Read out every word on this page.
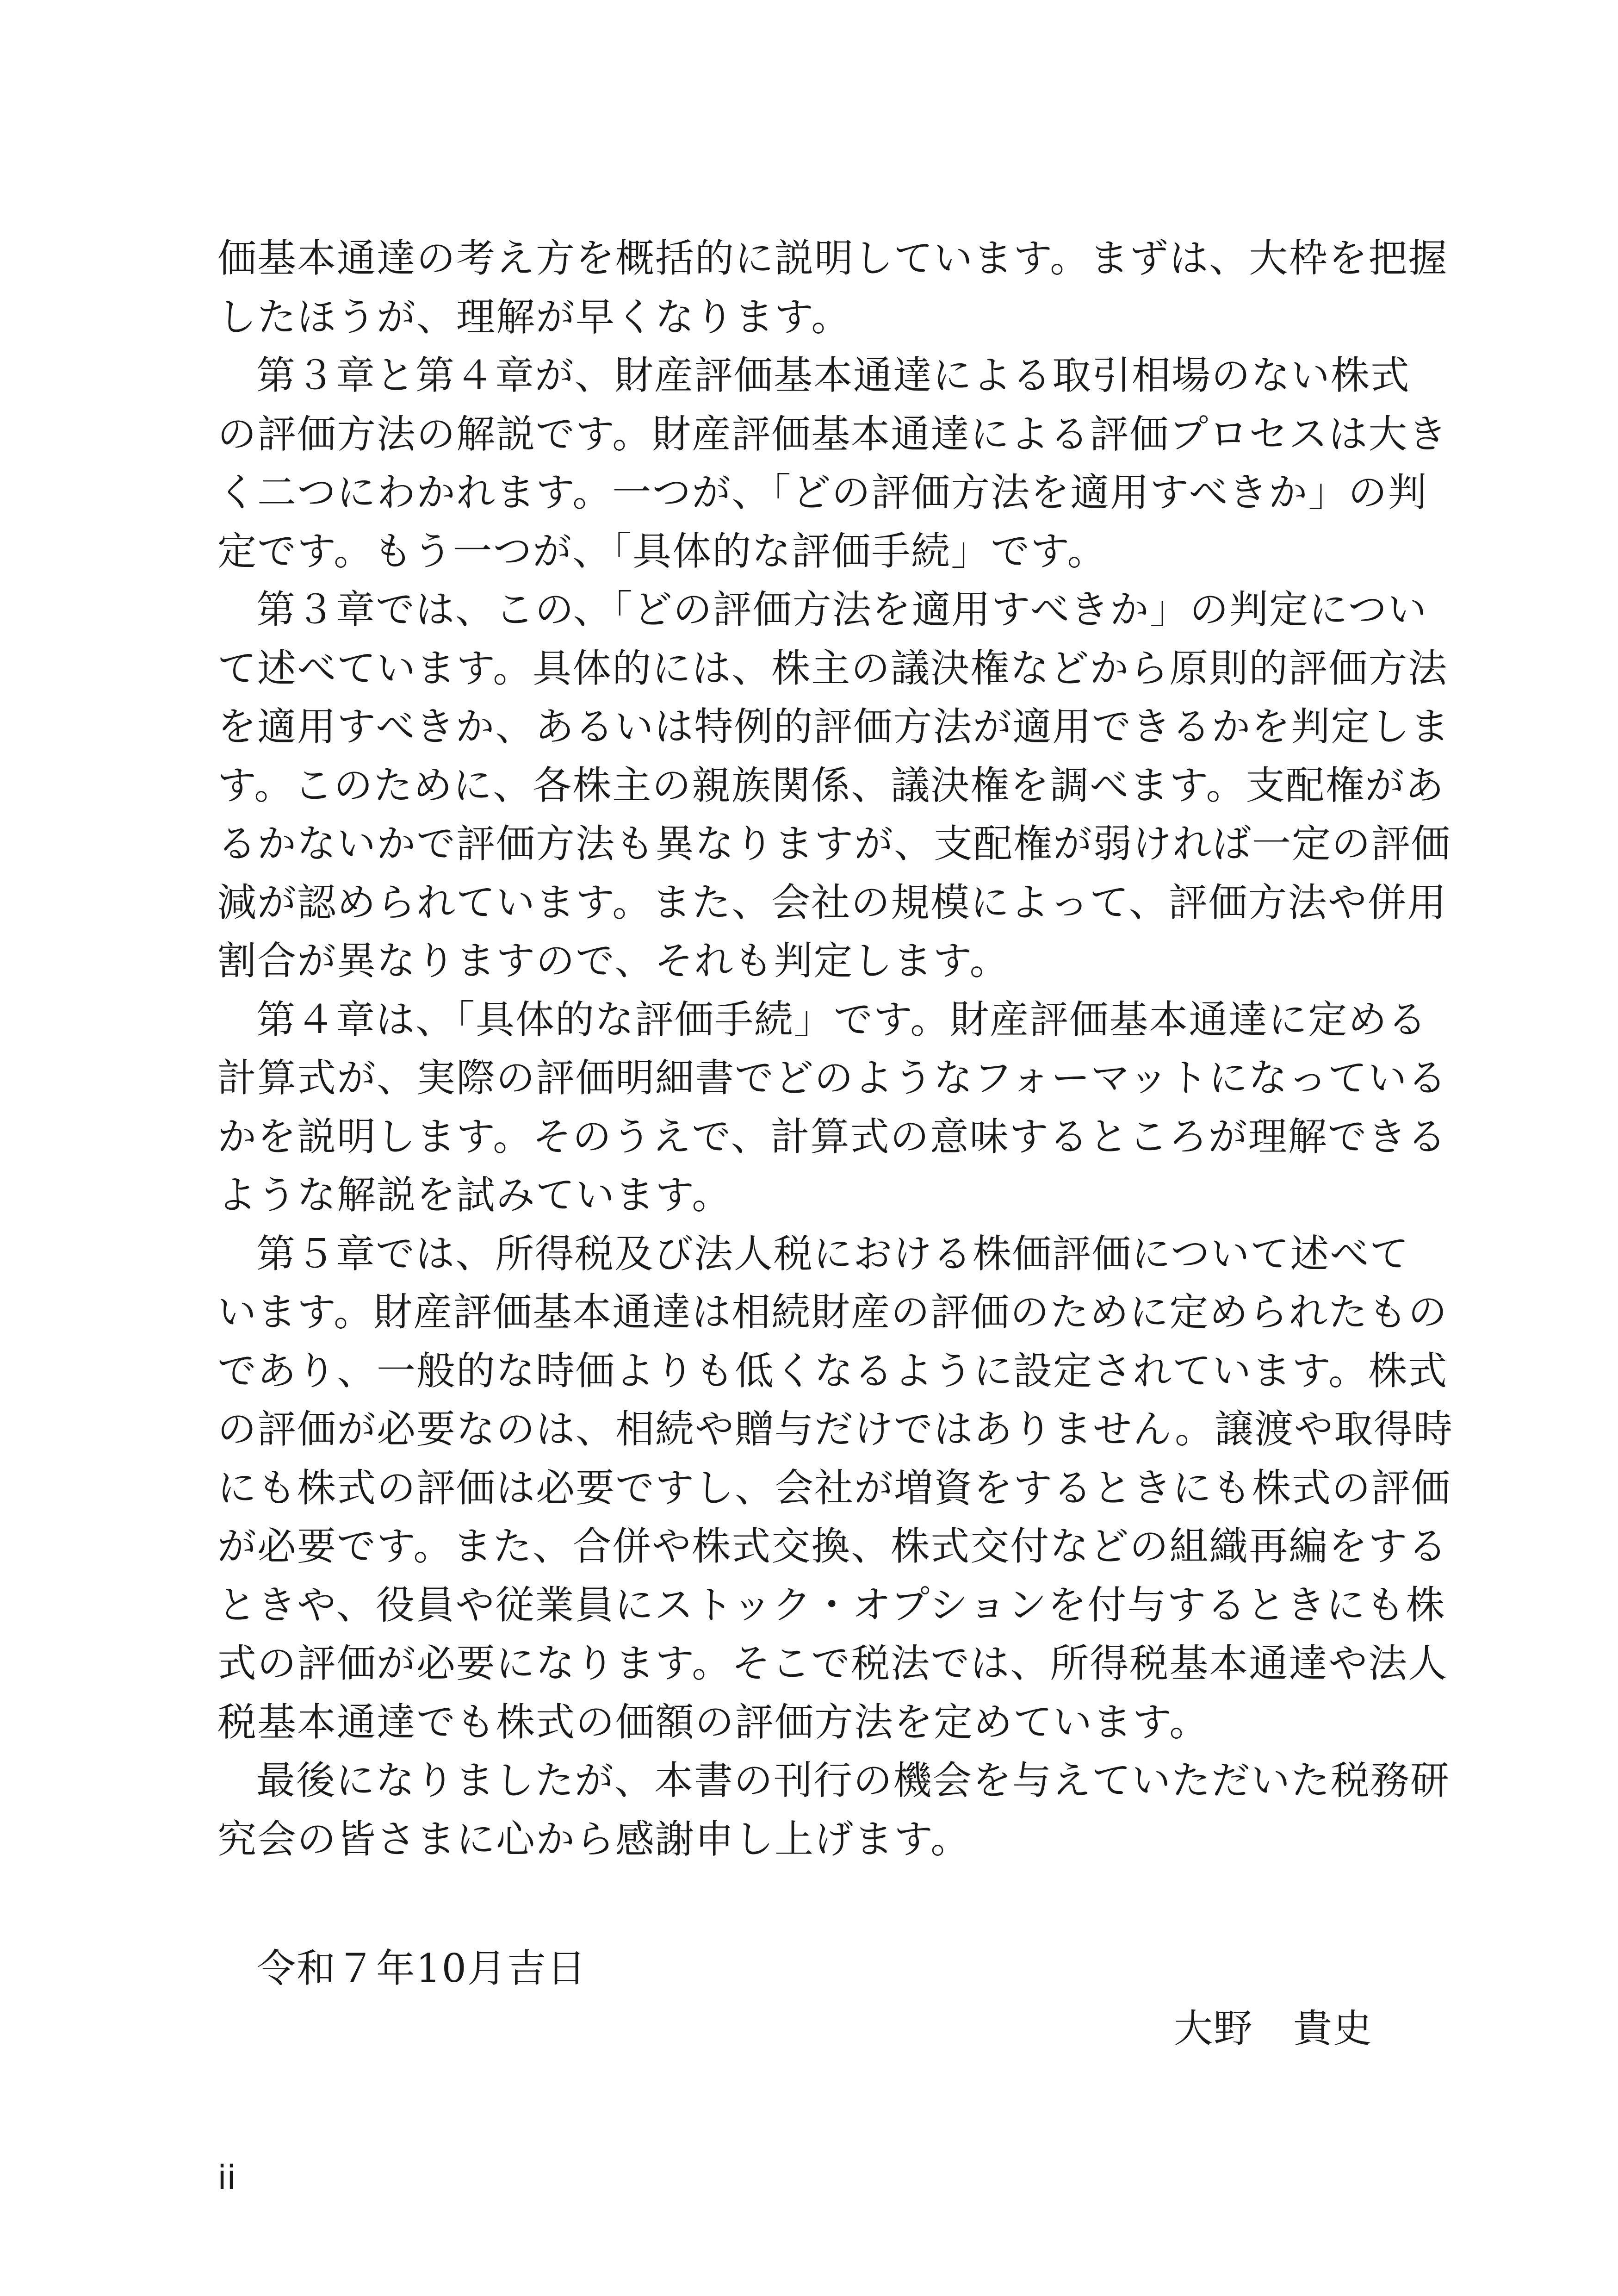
価基本通達の考え方を概括的に説明しています。まずは、大枠を把握
したほうが、理解が早くなります。
第３章と第４章が、財産評価基本通達による取引相場のない株式
の評価方法の解説です。財産評価基本通達による評価プロセスは大き
く二つにわかれます。一つが、「どの評価方法を適用すべきか」の判
定です。もう一つが、「具体的な評価手続」です。
第３章では、この、「どの評価方法を適用すべきか」の判定につい
て述べています。具体的には、株主の議決権などから原則的評価方法
を適用すべきか、あるいは特例的評価方法が適用できるかを判定しま
す。このために、各株主の親族関係、議決権を調べます。支配権があ
るかないかで評価方法も異なりますが、支配権が弱ければ一定の評価
減が認められています。また、会社の規模によって、評価方法や併用
割合が異なりますので、それも判定します。
第４章は、「具体的な評価手続」です。財産評価基本通達に定める
計算式が、実際の評価明細書でどのようなフォーマットになっている
かを説明します。そのうえで、計算式の意味するところが理解できる
ような解説を試みています。
第５章では、所得税及び法人税における株価評価について述べて
います。財産評価基本通達は相続財産の評価のために定められたもの
であり、一般的な時価よりも低くなるように設定されています。株式
の評価が必要なのは、相続や贈与だけではありません。譲渡や取得時
にも株式の評価は必要ですし、会社が増資をするときにも株式の評価
が必要です。また、合併や株式交換、株式交付などの組織再編をする
ときや、役員や従業員にストック・オプションを付与するときにも株
式の評価が必要になります。そこで税法では、所得税基本通達や法人
税基本通達でも株式の価額の評価方法を定めています。
最後になりましたが、本書の刊行の機会を与えていただいた税務研
究会の皆さまに心から感謝申し上げます。
令和７年10月吉日
大野　貴史
ii
